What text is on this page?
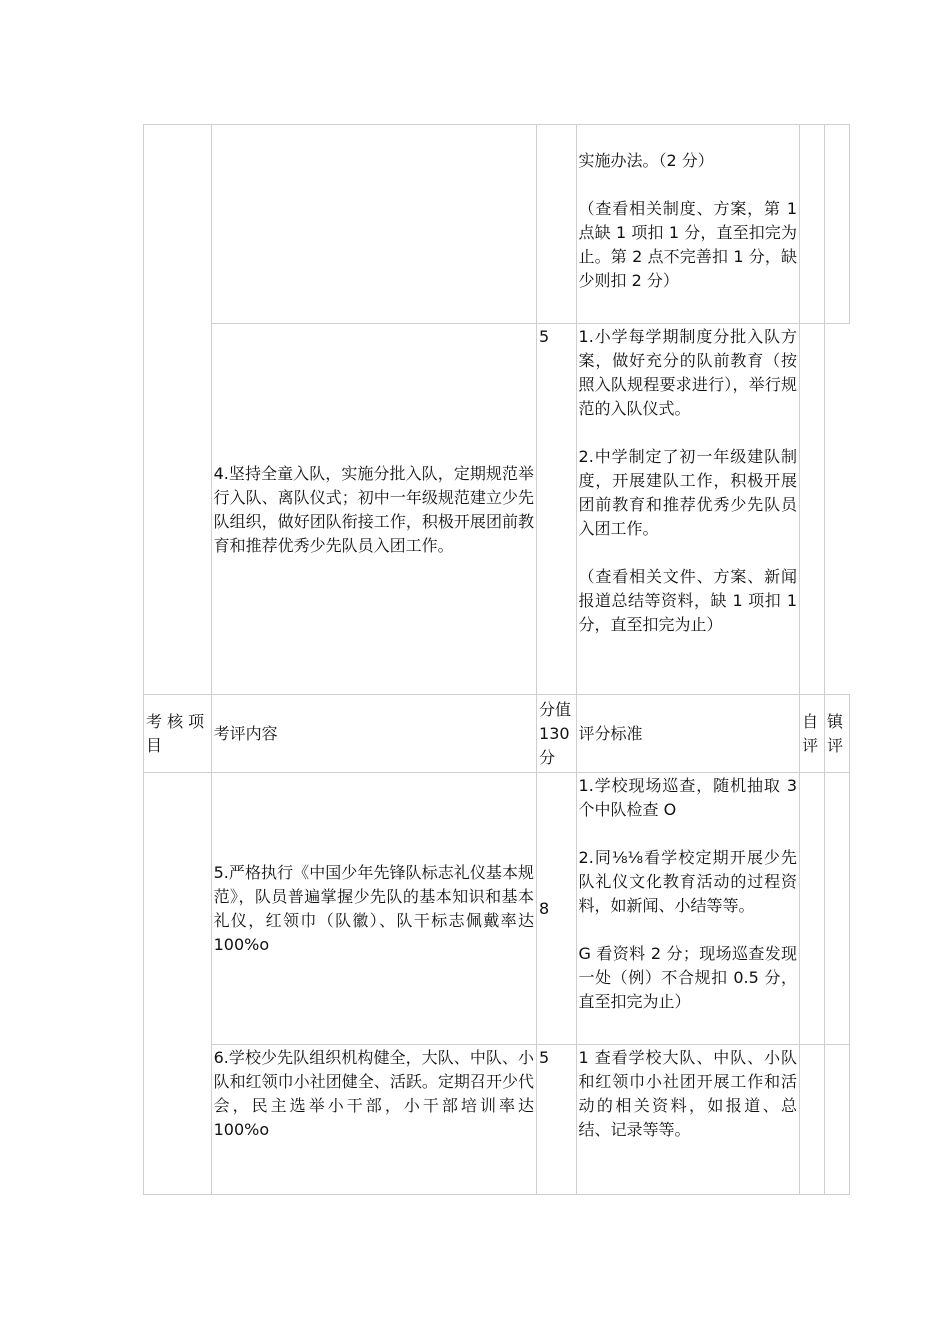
			实施办法。（2 分）

（查看相关制度、方案，第 1 点缺 1 项扣 1 分，直至扣完为止。第 2 点不完善扣 1 分，缺少则扣 2 分）		

	4.坚持全童入队，实施分批入队，定期规范举行入队、离队仪式；初中一年级规范建立少先队组织，做好团队衔接工作，积极开展团前教育和推荐优秀少先队员入团工作。	5	1.小学每学期制度分批入队方案，做好充分的队前教育（按照入队规程要求进行），举行规范的入队仪式。

2.中学制定了初一年级建队制度，开展建队工作，积极开展团前教育和推荐优秀少先队员入团工作。

（查看相关文件、方案、新闻报道总结等资料，缺 1 项扣 1 分，直至扣完为止）		

考 核 项 目	考评内容	分值 130 分	评分标准	自 评	镇 评

	5.严格执行《中国少年先锋队标志礼仪基本规范》，队员普遍掌握少先队的基本知识和基本礼仪，红领巾（队徽）、队干标志佩戴率达 100%o	8	1.学校现场巡查，随机抽取 3 个中队检查 O

2.同⅛⅛看学校定期开展少先队礼仪文化教育活动的过程资料，如新闻、小结等等。

G 看资料 2 分；现场巡查发现一处（例）不合规扣 0.5 分，直至扣完为止）		

	6.学校少先队组织机构健全，大队、中队、小队和红领巾小社团健全、活跃。定期召开少代会，民主选举小干部，小干部培训率达 100%o	5	1 查看学校大队、中队、小队和红领巾小社团开展工作和活动的相关资料，如报道、总结、记录等等。		
